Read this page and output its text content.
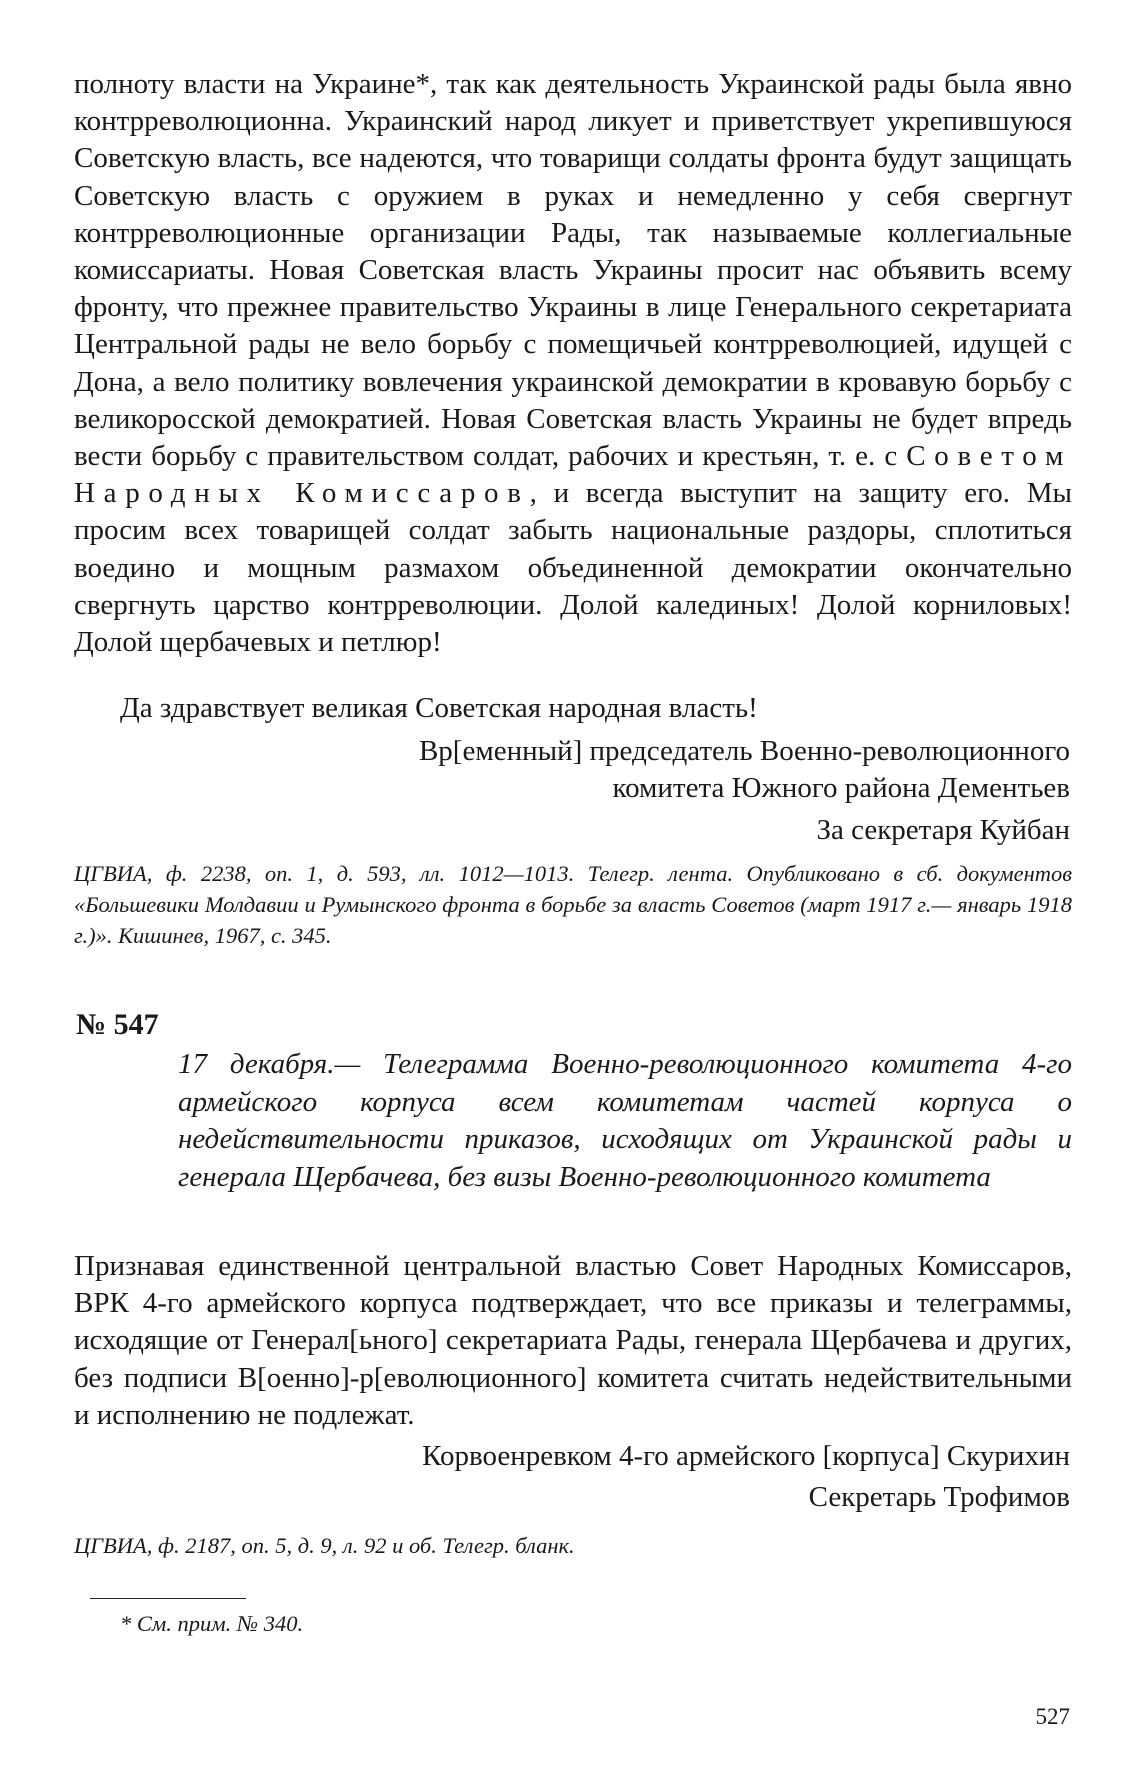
полноту власти на Украине*, так как деятельность Украинской рады была явно контрреволюционна. Украинский народ ликует и приветствует укрепившуюся Советскую власть, все надеются, что товарищи солдаты фронта будут защищать Советскую власть с оружием в руках и немедленно у себя свергнут контрреволюционные организации Рады, так называемые коллегиальные комиссариаты. Новая Советская власть Украины просит нас объявить всему фронту, что прежнее правительство Украины в лице Генерального секретариата Центральной рады не вело борьбу с помещичьей контрреволюцией, идущей с Дона, а вело политику вовлечения украинской демократии в кровавую борьбу с великоросской демократией. Новая Советская власть Украины не будет впредь вести борьбу с правительством солдат, рабочих и крестьян, т. е. с Советом Народных Комиссаров, и всегда выступит на защиту его. Мы просим всех товарищей солдат забыть национальные раздоры, сплотиться воедино и мощным размахом объединенной демократии окончательно свергнуть царство контрреволюции. Долой калединых! Долой корниловых! Долой щербачевых и петлюр!

Да здравствует великая Советская народная власть!

Вр[еменный] председатель Военно-революционного

комитета Южного района Дементьев

За секретаря Куйбан

ЦГВИА, ф. 2238, оп. 1, д. 593, лл. 1012—1013. Телегр. лента. Опубликовано в сб. документов «Большевики Молдавии и Румынского фронта в борьбе за власть Советов (март 1917 г.— январь 1918 г.)». Кишинев, 1967, с. 345.

№ 547

17 декабря.— Телеграмма Военно-революционного комитета 4-го армейского корпуса всем комитетам частей корпуса о недействительности приказов, исходящих от Украинской рады и генерала Щербачева, без визы Военно-революционного комитета

Признавая единственной центральной властью Совет Народных Комиссаров, ВРК 4-го армейского корпуса подтверждает, что все приказы и телеграммы, исходящие от Генерал[ьного] секретариата Рады, генерала Щербачева и других, без подписи В[оенно]-р[еволюционного] комитета считать недействительными и исполнению не подлежат.

Корвоенревком 4-го армейского [корпуса] Скурихин

Секретарь Трофимов

ЦГВИА, ф. 2187, оп. 5, д. 9, л. 92 и об. Телегр. бланк.

* См. прим. № 340.

527
